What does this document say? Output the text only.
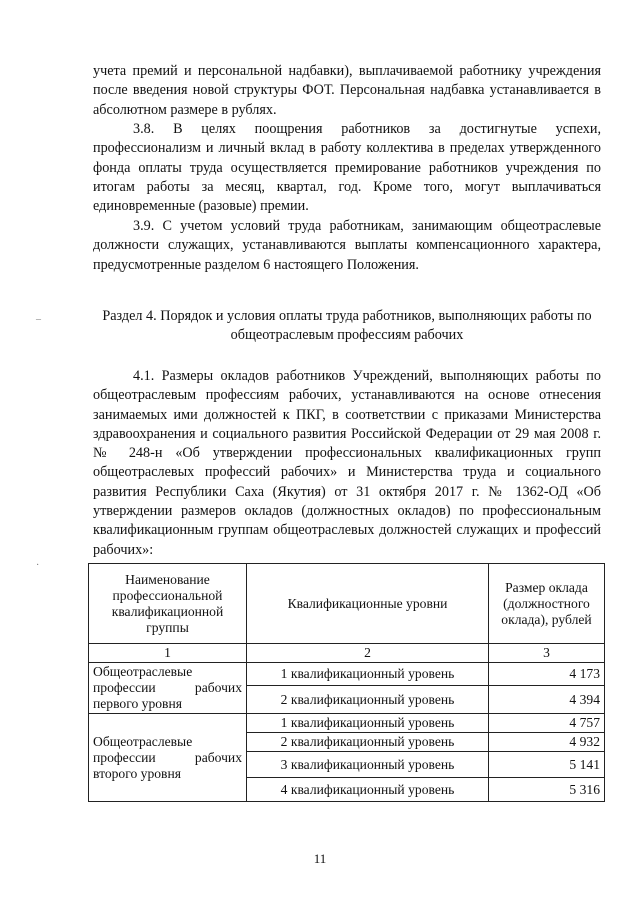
учета премий и персональной надбавки), выплачиваемой работнику учреждения после введения новой структуры ФОТ. Персональная надбавка устанавливается в абсолютном размере в рублях.

3.8. В целях поощрения работников за достигнутые успехи, профессионализм и личный вклад в работу коллектива в пределах утвержденного фонда оплаты труда осуществляется премирование работников учреждения по итогам работы за месяц, квартал, год. Кроме того, могут выплачиваться единовременные (разовые) премии.

3.9. С учетом условий труда работникам, занимающим общеотраслевые должности служащих, устанавливаются выплаты компенсационного характера, предусмотренные разделом 6 настоящего Положения.

Раздел 4. Порядок и условия оплаты труда работников, выполняющих работы по общеотраслевым профессиям рабочих

4.1. Размеры окладов работников Учреждений, выполняющих работы по общеотраслевым профессиям рабочих, устанавливаются на основе отнесения занимаемых ими должностей к ПКГ, в соответствии с приказами Министерства здравоохранения и социального развития Российской Федерации от 29 мая 2008 г. № 248-н «Об утверждении профессиональных квалификационных групп общеотраслевых профессий рабочих» и Министерства труда и социального развития Республики Саха (Якутия) от 31 октября 2017 г. № 1362-ОД «Об утверждении размеров окладов (должностных окладов) по профессиональным квалификационным группам общеотраслевых должностей служащих и профессий рабочих»:

Наименование профессиональной квалификационной группы	Квалификационные уровни	Размер оклада (должностного оклада), рублей
1	2	3
Общеотраслевые профессии рабочих первого уровня	1 квалификационный уровень	4 173
	2 квалификационный уровень	4 394
Общеотраслевые профессии рабочих второго уровня	1 квалификационный уровень	4 757
	2 квалификационный уровень	4 932
	3 квалификационный уровень	5 141
	4 квалификационный уровень	5 316
11
–
·
